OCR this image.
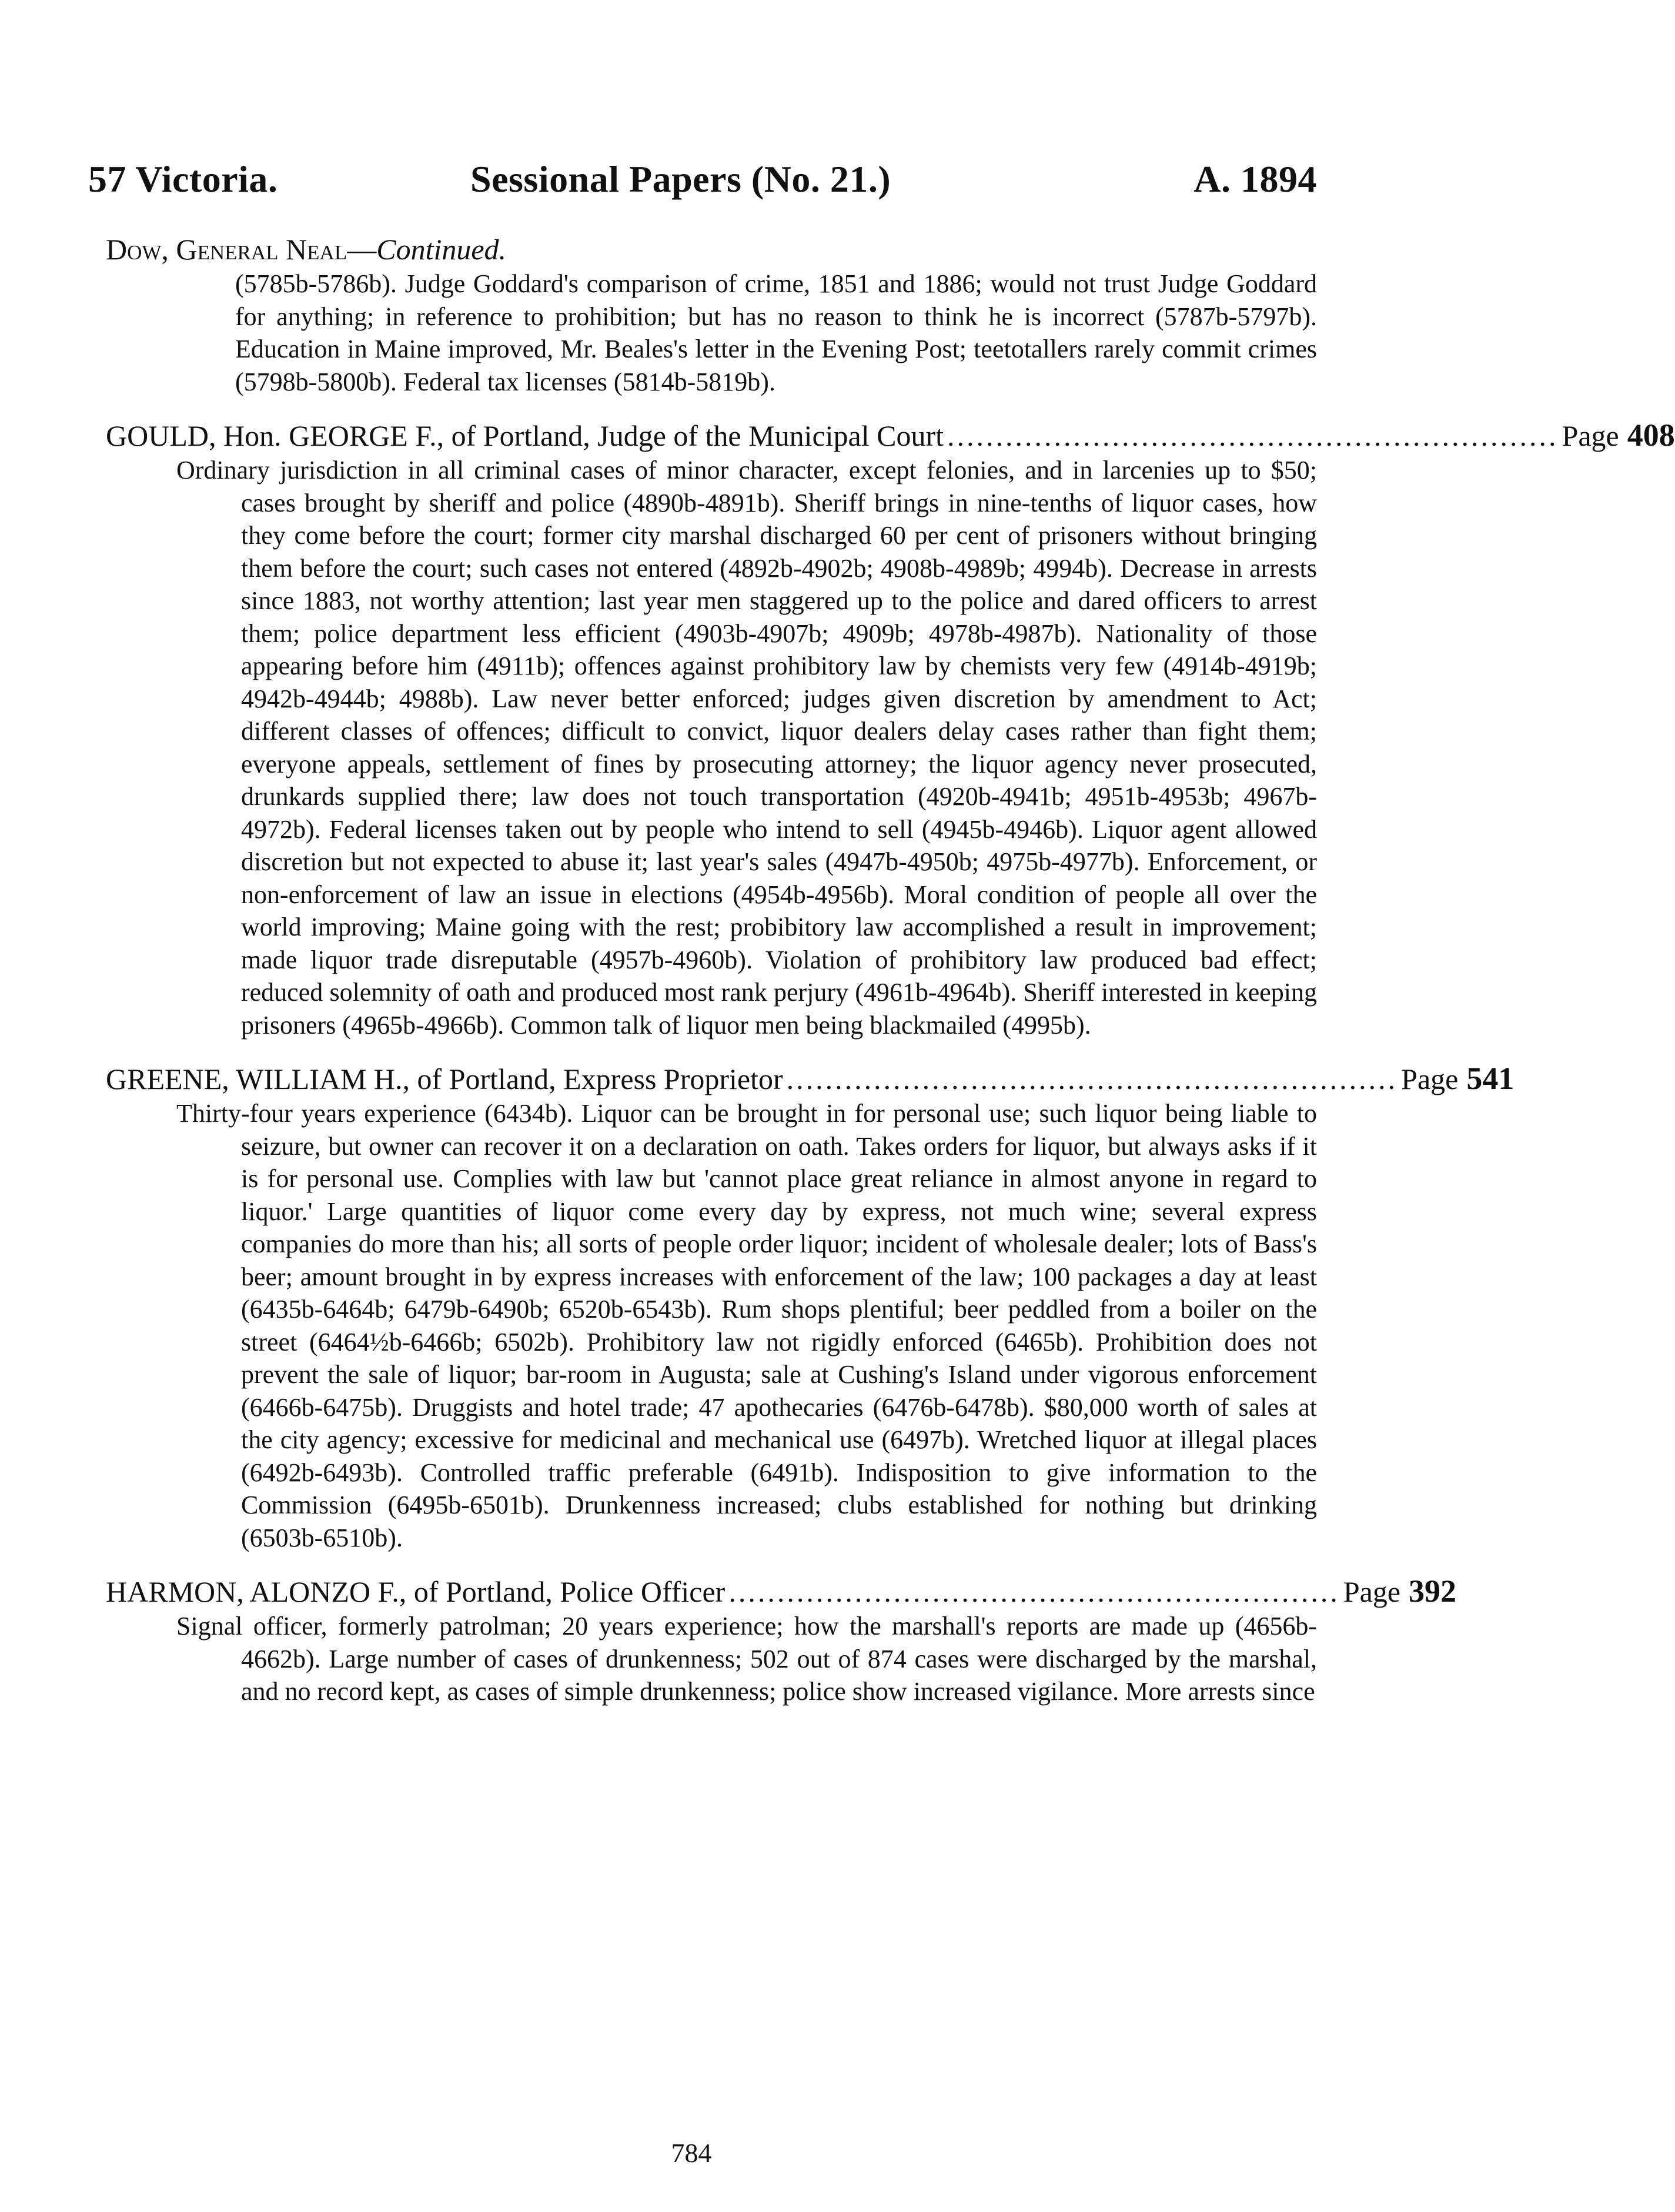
57 Victoria.	Sessional Papers (No. 21.)	A. 1894
Dow, General Neal— Continued.
(5785b-5786b). Judge Goddard's comparison of crime, 1851 and 1886; would not trust Judge Goddard for anything; in reference to prohibition; but has no reason to think he is incorrect (5787b-5797b). Education in Maine improved, Mr. Beales's letter in the Evening Post; teetotallers rarely commit crimes (5798b-5800b). Federal tax licenses (5814b-5819b).
GOULD, Hon. GEORGE F.,
of Portland, Judge of the Municipal Court ............................................................... Page 408
Ordinary jurisdiction in all criminal cases of minor character, except felonies, and in larcenies up to $50; cases brought by sheriff and police (4890b-4891b). Sheriff brings in nine-tenths of liquor cases, how they come before the court; former city marshal discharged 60 per cent of prisoners without bringing them before the court; such cases not entered (4892b-4902b; 4908b-4989b; 4994b). Decrease in arrests since 1883, not worthy attention; last year men staggered up to the police and dared officers to arrest them; police department less efficient (4903b-4907b; 4909b; 4978b-4987b). Nationality of those appearing before him (4911b); offences against prohibitory law by chemists very few (4914b-4919b; 4942b-4944b; 4988b). Law never better enforced; judges given discretion by amendment to Act; different classes of offences; difficult to convict, liquor dealers delay cases rather than fight them; everyone appeals, settlement of fines by prosecuting attorney; the liquor agency never prosecuted, drunkards supplied there; law does not touch transportation (4920b-4941b; 4951b-4953b; 4967b-4972b). Federal licenses taken out by people who intend to sell (4945b-4946b). Liquor agent allowed discretion but not expected to abuse it; last year's sales (4947b-4950b; 4975b-4977b). Enforcement, or non-enforcement of law an issue in elections (4954b-4956b). Moral condition of people all over the world improving; Maine going with the rest; probibitory law accomplished a result in improvement; made liquor trade disreputable (4957b-4960b). Violation of prohibitory law produced bad effect; reduced solemnity of oath and produced most rank perjury (4961b-4964b). Sheriff interested in keeping prisoners (4965b-4966b). Common talk of liquor men being blackmailed (4995b).
GREENE, WILLIAM H.,
of Portland, Express Proprietor ............................................................... Page 541
Thirty-four years experience (6434b). Liquor can be brought in for personal use; such liquor being liable to seizure, but owner can recover it on a declaration on oath. Takes orders for liquor, but always asks if it is for personal use. Complies with law but 'cannot place great reliance in almost anyone in regard to liquor.' Large quantities of liquor come every day by express, not much wine; several express companies do more than his; all sorts of people order liquor; incident of wholesale dealer; lots of Bass's beer; amount brought in by express increases with enforcement of the law; 100 packages a day at least (6435b-6464b; 6479b-6490b; 6520b-6543b). Rum shops plentiful; beer peddled from a boiler on the street (6464½b-6466b; 6502b). Prohibitory law not rigidly enforced (6465b). Prohibition does not prevent the sale of liquor; bar-room in Augusta; sale at Cushing's Island under vigorous enforcement (6466b-6475b). Druggists and hotel trade; 47 apothecaries (6476b-6478b). $80,000 worth of sales at the city agency; excessive for medicinal and mechanical use (6497b). Wretched liquor at illegal places (6492b-6493b). Controlled traffic preferable (6491b). Indisposition to give information to the Commission (6495b-6501b). Drunkenness increased; clubs established for nothing but drinking (6503b-6510b).
HARMON, ALONZO F.,
of Portland, Police Officer ............................................................... Page 392
Signal officer, formerly patrolman; 20 years experience; how the marshall's reports are made up (4656b-4662b). Large number of cases of drunkenness; 502 out of 874 cases were discharged by the marshal, and no record kept, as cases of simple drunkenness; police show increased vigilance. More arrests since
784
